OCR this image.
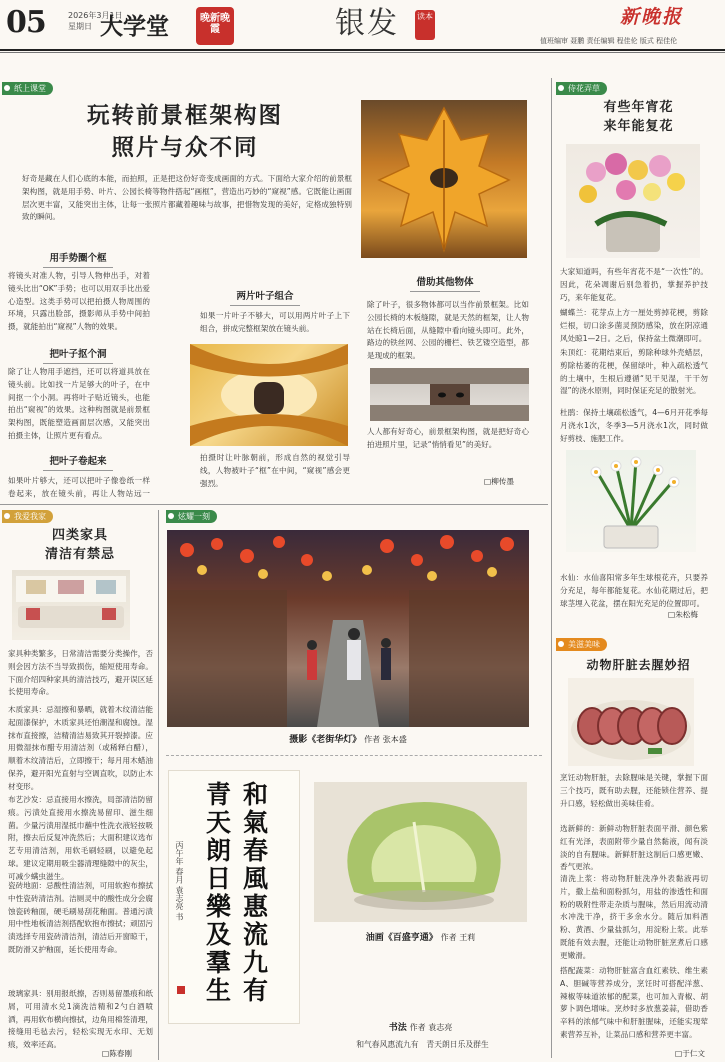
05	2026年3月1日
星期日 大学堂	晚新晚霞	银发 读本	新晚报
值班编审 聂鹏 责任编辑 程佳伦 版式 程佳伦
纸上课堂
玩转前景框架构图
照片与众不同
好奇是藏在人们心底的本能，而拍照，正是把这份好奇变成画面的方式。下面给大家介绍的前景框架构图，就是用手势、叶片、公园长椅等物件搭起“画框”，营造出巧妙的“窥视”感。它既能让画面层次更丰富，又能突出主体，让每一张照片都藏着趣味与故事，把惜物发现的美好，定格成独特别致的瞬间。
用手势圈个框
将镜头对准人物，引导人物伸出手，对着镜头比出“OK”手势；也可以用双手比出爱心造型。这类手势可以把拍摄人物周围的环境，只露出脸部，摄影师从手势中间拍摄，就能拍出“窥视”人物的效果。
把叶子抠个洞
除了让人物用手遮挡，还可以将道具放在镜头前。比如找一片足够大的叶子，在中间抠一个小洞。再将叶子贴近镜头，也能拍出“窥视”的效果。这种构图就是前景框架构图，既能塑造画面层次感，又能突出拍摄主体，让照片更有看点。
把叶子卷起来
如果叶片够大，还可以把叶子像卷纸一样卷起来，放在镜头前，再让人物站远一
两片叶子组合
如果一片叶子不够大，可以用两片叶子上下组合，拼成完整框架放在镜头前。
拍摄时让叶脉朝前，形成自然的视觉引导线，人物被叶子“框”在中间，“窥视”感会更强烈。
借助其他物体
除了叶子，很多物体都可以当作前景框架。比如公园长椅的木板缝隙，就是天然的框架，让人物站在长椅后面，从缝隙中看向镜头即可。此外，路边的铁丝网、公园的栅栏、铁艺镂空造型，都是现成的框架。
人人都有好奇心，前景框架构图，就是把好奇心拍进照片里，记录“悄悄看见”的美好。
□ 柳传墨
侍花弄草
有些年宵花
来年能复花
大家知道吗，有些年宵花不是“一次性”的。因此，花朵凋谢后别急着扔，掌握养护技巧，来年能复花。
蝴蝶兰：花芽点上方一厘处剪掉花梗，剪除烂根，切口涂多菌灵预防感染，放在阴凉通风处晾1—2日。之后，保持盆土微潮即可。
朱顶红：花期结束后，剪除种球外壳蜡层，剪除枯萎的花梗，保留绿叶，种入疏松透气的土壤中，生根后遵循“见干见湿，干干勿湿”的浇水原则，同时保证充足的散射光。
杜鹃：保持土壤疏松透气，4—6月开花季每月浇水1次，冬季3—5月浇水1次，同时做好剪枝、施肥工作。
水仙：水仙喜阳常多年生球根花卉，只要养分充足，每年都能复花。水仙花期过后，把球茎埋入花盆，摆在阳光充足的位置即可。
□ 朱松梅
美滋美味
动物肝脏去腥妙招
烹饪动物肝脏，去除腥味是关键，掌握下面三个技巧，既有助去腥，还能锁住营养、提升口感，轻松做出美味佳肴。
选新鲜的：新鲜动物肝脏表面平滑、颜色紫红有光泽，表面附带少量自然黏液，闻有淡淡的自有腥味。新鲜肝脏这制后口感更嫩、香气更浓。
清洗上浆：将动物肝脏洗净外表黏液再切片，撒上盐和面粉抓匀，用盐的渗透性和面粉的吸附性带走杂质与腥味，然后用流动清水冲洗干净，挤干多余水分。随后加料酒粉、黄酒、少量盐抓匀，用淀粉上浆。此举既能有效去腥，还能让动物肝脏烹煮后口感更嫩滑。
搭配蔬菜：动物肝脏富含血红素铁、维生素A、胆碱等营养成分，烹饪时可搭配洋葱、辣椒等味道浓郁的配菜，也可加入青椒、胡萝卜调色增味。烹炒时多放葱姜蒜，借助香辛料的浓郁气味中和肝脏腥味，还能实现荤素营养互补，让菜品口感和营养更丰富。
□ 于仁文
我爱我家
四类家具
清洁有禁忌
家具种类繁多，日常清洁需要分类操作，否则会因方法不当导致损伤，缩短使用寿命。下面介绍四种家具的清洁技巧，避开误区延长使用寿命。
木质家具：忌湿擦和暴晒，就着木纹清洁能起面漆保护，木质家具还怕潮湿和腐蚀。湿抹布直接擦，洁精清洁易致其开裂掉漆。应用微湿抹布醋专用清洁剂（或稀释白醋），顺着木纹清洁后，立即擦干；每月用木蜡油保养，避开阳光直射与空调直吹，以防止木材变形。
布艺沙发：忌直接用水擦洗，局部清洁防留痕。污渍处直接用水擦洗易留印、滋生细菌。少量污渍用湿抵巾蘸中性洗衣液轻按吸附，擦去后反复冲洗然后；大面积建议选布艺专用清洁剂，用软毛刷轻刷，以避免起球。建议定期用吸尘器清理缝隙中的灰尘，可减少螨虫滋生。
瓷砖地面：忌酸性清洁剂，可用软抱布擦拭中性瓷砖清洁剂。洁厕灵中的酸性成分会腐蚀瓷砖釉面，硬毛刷易刮花釉面。普通污渍用中性地板清洁剂搭配软抱布擦拭；顽固污渍选择专用瓷砖清洁剂，清洁后开窗晾干，既防滑又护釉面，延长使用寿命。
玻璃家具：别用报纸擦，否则易留墨痕和纸屑，可用清水兑1滴洗洁精和2勺白酒喷洒，再用软布横向擦拭，边角用棉签清理，接缝用毛毡去污，轻松实现无水印、无划痕，效率还高。
□ 陈春刚
炫耀一刻
摄影《老街华灯》 作者 张本盛
和氣春風惠流九有
青天朗日樂及羣生
丙午年 春月 袁志亮 书
油画《百盛亨通》 作者 王莉
书法 作者 袁志亮
和气春风惠流九有　青天朗日乐及群生
